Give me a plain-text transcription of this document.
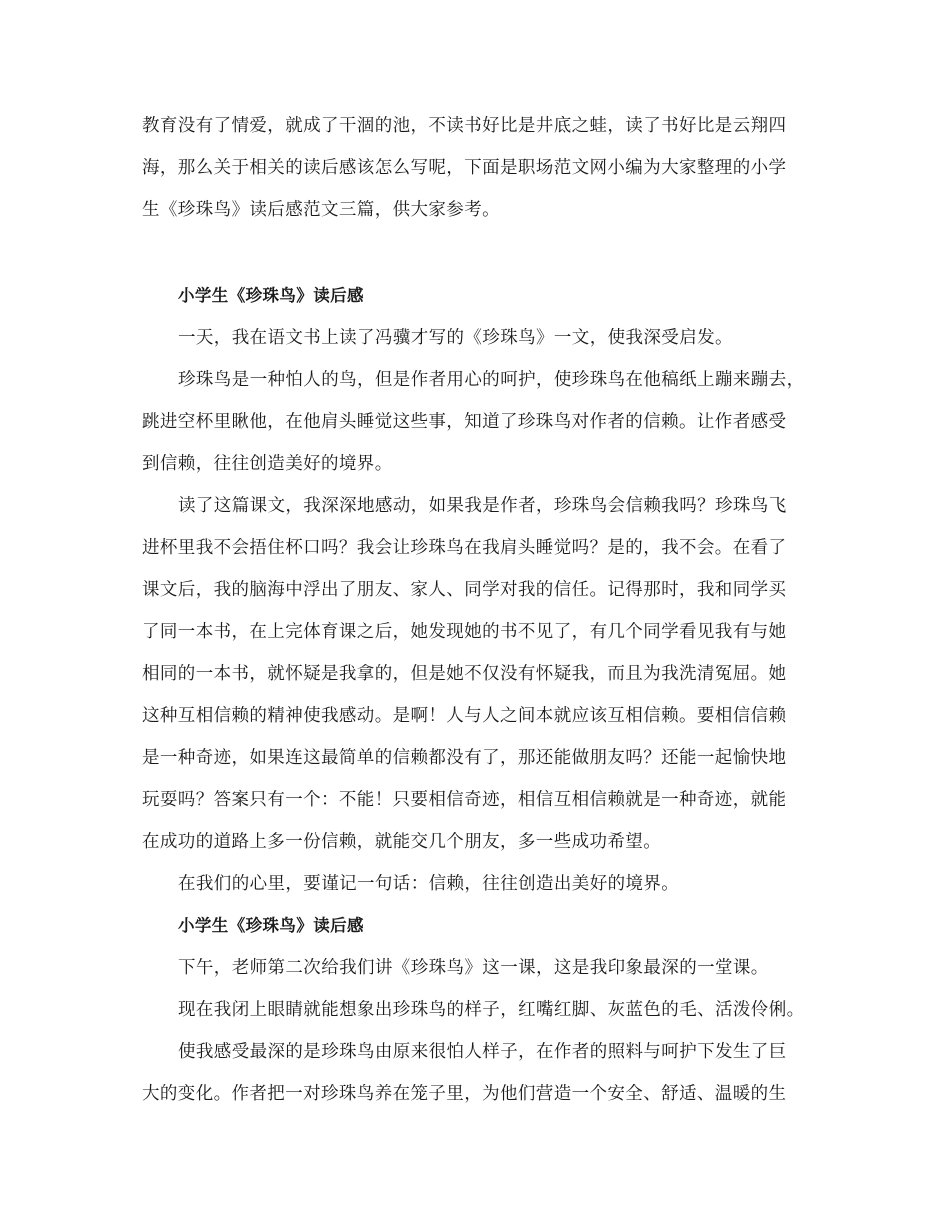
教育没有了情爱，就成了干涸的池，不读书好比是井底之蛙，读了书好比是云翔四
海，那么关于相关的读后感该怎么写呢，下面是职场范文网小编为大家整理的小学
生《珍珠鸟》读后感范文三篇，供大家参考。
小学生《珍珠鸟》读后感
一天，我在语文书上读了冯骥才写的《珍珠鸟》一文，使我深受启发。
珍珠鸟是一种怕人的鸟，但是作者用心的呵护，使珍珠鸟在他稿纸上蹦来蹦去，
跳进空杯里瞅他，在他肩头睡觉这些事，知道了珍珠鸟对作者的信赖。让作者感受
到信赖，往往创造美好的境界。
读了这篇课文，我深深地感动，如果我是作者，珍珠鸟会信赖我吗？珍珠鸟飞
进杯里我不会捂住杯口吗？我会让珍珠鸟在我肩头睡觉吗？是的，我不会。在看了
课文后，我的脑海中浮出了朋友、家人、同学对我的信任。记得那时，我和同学买
了同一本书，在上完体育课之后，她发现她的书不见了，有几个同学看见我有与她
相同的一本书，就怀疑是我拿的，但是她不仅没有怀疑我，而且为我洗清冤屈。她
这种互相信赖的精神使我感动。是啊！人与人之间本就应该互相信赖。要相信信赖
是一种奇迹，如果连这最简单的信赖都没有了，那还能做朋友吗？还能一起愉快地
玩耍吗？答案只有一个：不能！只要相信奇迹，相信互相信赖就是一种奇迹，就能
在成功的道路上多一份信赖，就能交几个朋友，多一些成功希望。
在我们的心里，要谨记一句话：信赖，往往创造出美好的境界。
小学生《珍珠鸟》读后感
下午，老师第二次给我们讲《珍珠鸟》这一课，这是我印象最深的一堂课。
现在我闭上眼睛就能想象出珍珠鸟的样子，红嘴红脚、灰蓝色的毛、活泼伶俐。
使我感受最深的是珍珠鸟由原来很怕人样子，在作者的照料与呵护下发生了巨
大的变化。作者把一对珍珠鸟养在笼子里，为他们营造一个安全、舒适、温暖的生
